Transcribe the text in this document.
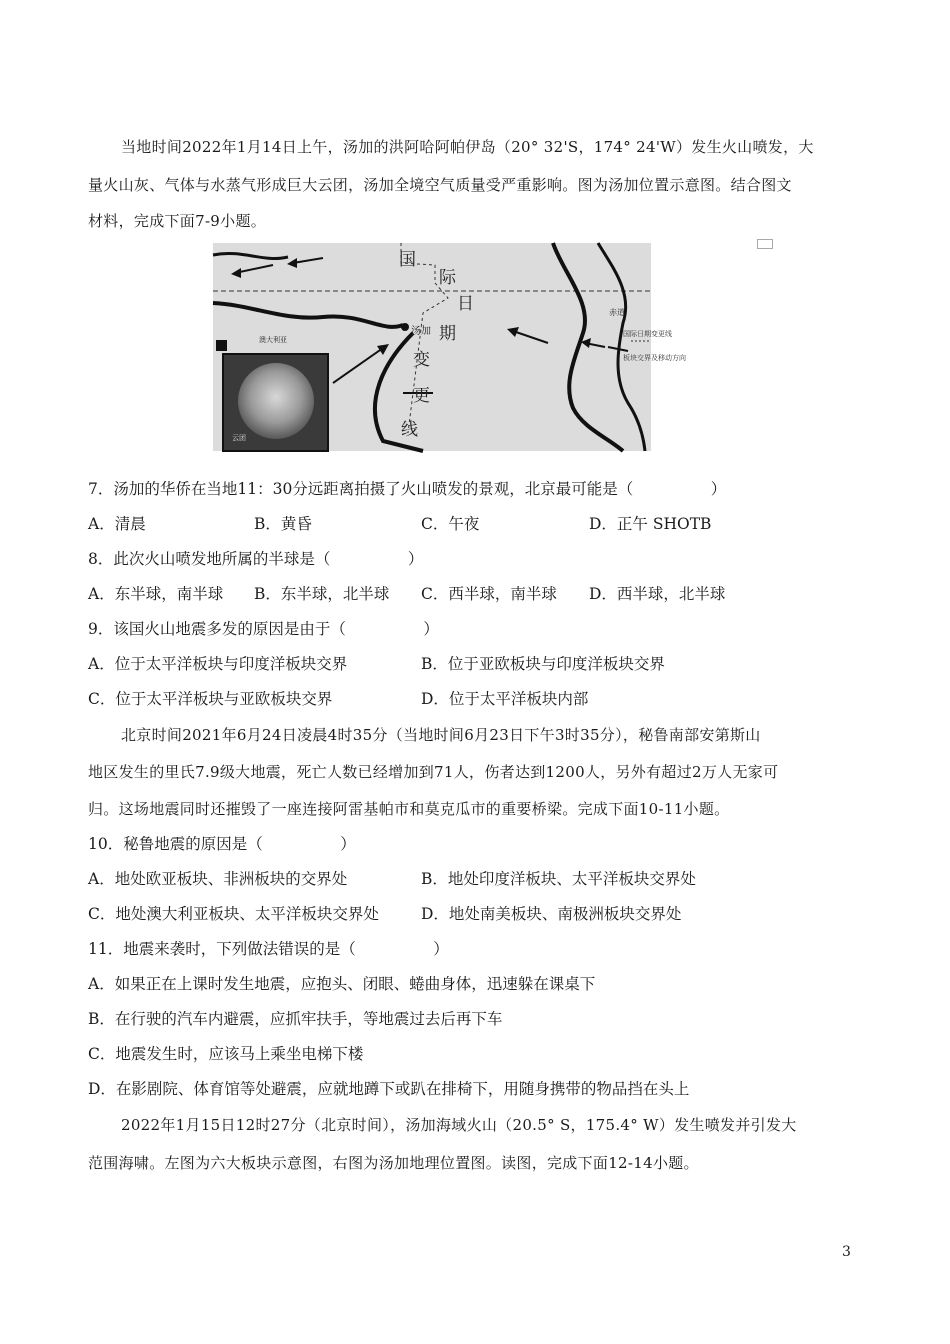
当地时间2022年1月14日上午，汤加的洪阿哈阿帕伊岛（20° 32'S，174° 24'W）发生火山喷发，大
量火山灰、气体与水蒸气形成巨大云团，汤加全境空气质量受严重影响。图为汤加位置示意图。结合图文
材料，完成下面7-9小题。
国
际
日
期
变
更
线
汤加
澳大利亚
赤道
国际日期变更线
板块交界及移动方向
云团
7．汤加的华侨在当地11：30分远距离拍摄了火山喷发的景观，北京最可能是（　　　　　）
A．清晨	B．黄昏	C．午夜	D．正午 SHOTB
8．此次火山喷发地所属的半球是（　　　　　）
A．东半球，南半球 B．东半球，北半球 C．西半球，南半球 D．西半球，北半球
9．该国火山地震多发的原因是由于（　　　　　）
A．位于太平洋板块与印度洋板块交界	B．位于亚欧板块与印度洋板块交界
C．位于太平洋板块与亚欧板块交界	D．位于太平洋板块内部
北京时间2021年6月24日凌晨4时35分（当地时间6月23日下午3时35分），秘鲁南部安第斯山
地区发生的里氏7.9级大地震，死亡人数已经增加到71人，伤者达到1200人，另外有超过2万人无家可
归。这场地震同时还摧毁了一座连接阿雷基帕市和莫克瓜市的重要桥梁。完成下面10-11小题。
10．秘鲁地震的原因是（　　　　　）
A．地处欧亚板块、非洲板块的交界处	B．地处印度洋板块、太平洋板块交界处
C．地处澳大利亚板块、太平洋板块交界处	D．地处南美板块、南极洲板块交界处
11．地震来袭时，下列做法错误的是（　　　　　）
A．如果正在上课时发生地震，应抱头、闭眼、蜷曲身体，迅速躲在课桌下
B．在行驶的汽车内避震，应抓牢扶手，等地震过去后再下车
C．地震发生时，应该马上乘坐电梯下楼
D．在影剧院、体育馆等处避震，应就地蹲下或趴在排椅下，用随身携带的物品挡在头上
2022年1月15日12时27分（北京时间），汤加海域火山（20.5° S，175.4° W）发生喷发并引发大
范围海啸。左图为六大板块示意图，右图为汤加地理位置图。读图，完成下面12-14小题。
3
